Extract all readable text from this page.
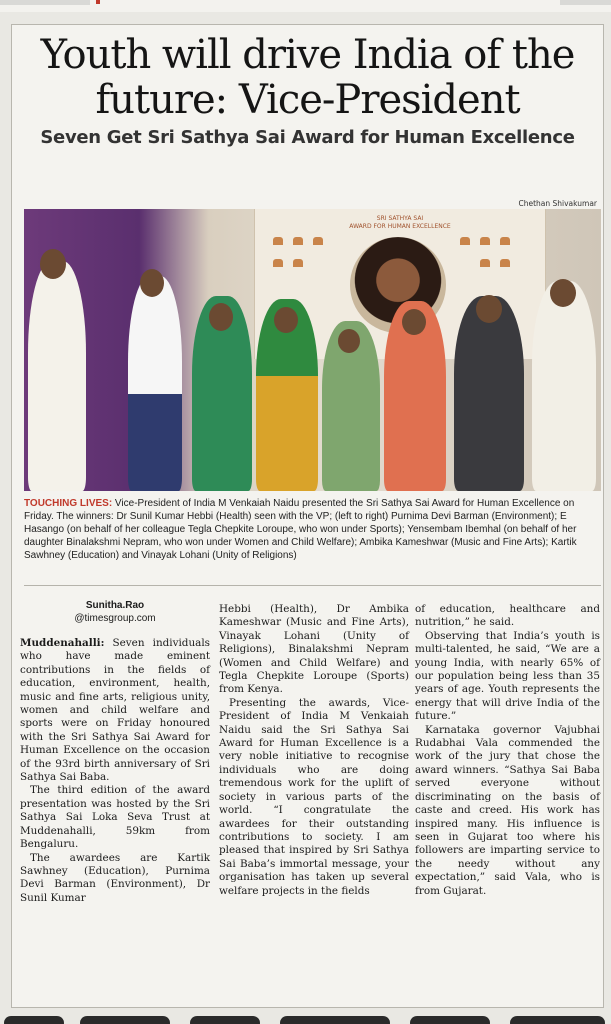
Youth will drive India of the future: Vice-President
Seven Get Sri Sathya Sai Award for Human Excellence
Chethan Shivakumar
SRI SATHYA SAI
AWARD FOR HUMAN EXCELLENCE
TOUCHING LIVES: Vice-President of India M Venkaiah Naidu presented the Sri Sathya Sai Award for Human Excellence on Friday. The winners: Dr Sunil Kumar Hebbi (Health) seen with the VP; (left to right) Purnima Devi Barman (Environment); E Hasango (on behalf of her colleague Tegla Chepkite Loroupe, who won under Sports); Yensembam Ibemhal (on behalf of her daughter Binalakshmi Nepram, who won under Women and Child Welfare); Ambika Kameshwar (Music and Fine Arts); Kartik Sawhney (Education) and Vinayak Lohani (Unity of Religions)
Sunitha.Rao
@timesgroup.com

Muddenahalli: Seven individuals who have made eminent contributions in the fields of education, environment, health, music and fine arts, religious unity, women and child welfare and sports were on Friday honoured with the Sri Sathya Sai Award for Human Excellence on the occasion of the 93rd birth anniversary of Sri Sathya Sai Baba.

The third edition of the award presentation was hosted by the Sri Sathya Sai Loka Seva Trust at Muddenahalli, 59km from Bengaluru.

The awardees are Kartik Sawhney (Education), Purnima Devi Barman (Environment), Dr Sunil Kumar

Hebbi (Health), Dr Ambika Kameshwar (Music and Fine Arts), Vinayak Lohani (Unity of Religions), Binalakshmi Nepram (Women and Child Welfare) and Tegla Chepkite Loroupe (Sports) from Kenya.

Presenting the awards, Vice-President of India M Venkaiah Naidu said the Sri Sathya Sai Award for Human Excellence is a very noble initiative to recognise individuals who are doing tremendous work for the uplift of society in various parts of the world. “I congratulate the awardees for their outstanding contributions to society. I am pleased that inspired by Sri Sathya Sai Baba’s immortal message, your organisation has taken up several welfare projects in the fields

of education, healthcare and nutrition,” he said.

Observing that India’s youth is multi-talented, he said, “We are a young India, with nearly 65% of our population being less than 35 years of age. Youth represents the energy that will drive India of the future.”

Karnataka governor Vajubhai Rudabhai Vala commended the work of the jury that chose the award winners. “Sathya Sai Baba served everyone without discriminating on the basis of caste and creed. His work has inspired many. His influence is seen in Gujarat too where his followers are imparting service to the needy without any expectation,” said Vala, who is from Gujarat.
